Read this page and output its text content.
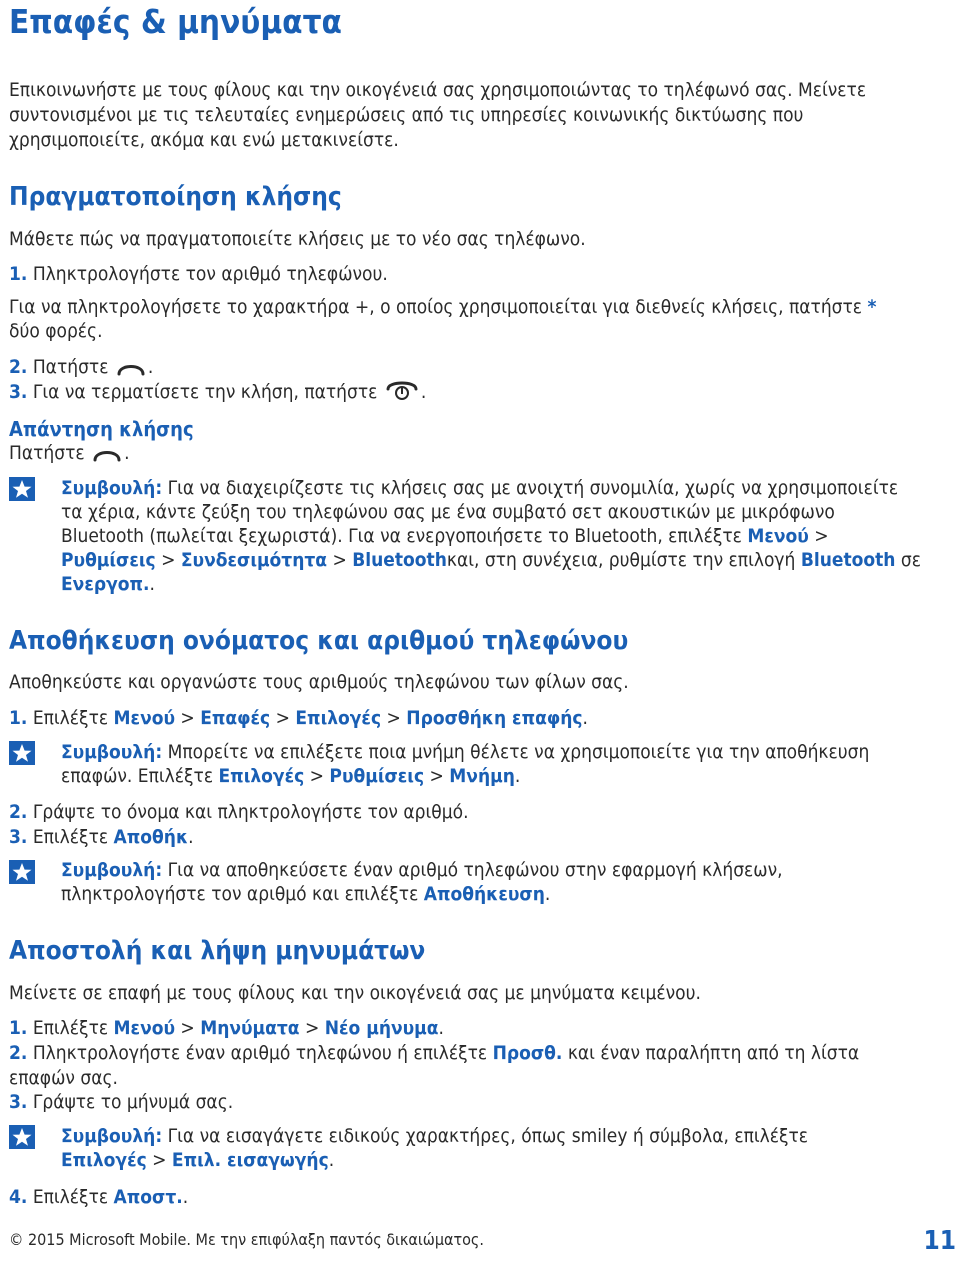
Επαφές & μηνύματα
Επικοινωνήστε με τους φίλους και την οικογένειά σας χρησιμοποιώντας το τηλέφωνό σας. Μείνετε
συντονισμένοι με τις τελευταίες ενημερώσεις από τις υπηρεσίες κοινωνικής δικτύωσης που
χρησιμοποιείτε, ακόμα και ενώ μετακινείστε.
Πραγματοποίηση κλήσης
Μάθετε πώς να πραγματοποιείτε κλήσεις με το νέο σας τηλέφωνο.
1. Πληκτρολογήστε τον αριθμό τηλεφώνου.
Για να πληκτρολογήσετε το χαρακτήρα +, ο οποίος χρησιμοποιείται για διεθνείς κλήσεις, πατήστε *
δύο φορές.
2. Πατήστε .
3. Για να τερματίσετε την κλήση, πατήστε .
Απάντηση κλήσης
Πατήστε .
Συμβουλή: Για να διαχειρίζεστε τις κλήσεις σας με ανοιχτή συνομιλία, χωρίς να χρησιμοποιείτε
τα χέρια, κάντε ζεύξη του τηλεφώνου σας με ένα συμβατό σετ ακουστικών με μικρόφωνο
Bluetooth (πωλείται ξεχωριστά). Για να ενεργοποιήσετε το Bluetooth, επιλέξτε Μενού >
Ρυθμίσεις > Συνδεσιμότητα > Bluetoothκαι, στη συνέχεια, ρυθμίστε την επιλογή Bluetooth σε
Ενεργοπ..
Αποθήκευση ονόματος και αριθμού τηλεφώνου
Αποθηκεύστε και οργανώστε τους αριθμούς τηλεφώνου των φίλων σας.
1. Επιλέξτε Μενού > Επαφές > Επιλογές > Προσθήκη επαφής.
Συμβουλή: Μπορείτε να επιλέξετε ποια μνήμη θέλετε να χρησιμοποιείτε για την αποθήκευση
επαφών. Επιλέξτε Επιλογές > Ρυθμίσεις > Μνήμη.
2. Γράψτε το όνομα και πληκτρολογήστε τον αριθμό.
3. Επιλέξτε Αποθήκ.
Συμβουλή: Για να αποθηκεύσετε έναν αριθμό τηλεφώνου στην εφαρμογή κλήσεων,
πληκτρολογήστε τον αριθμό και επιλέξτε Αποθήκευση.
Αποστολή και λήψη μηνυμάτων
Μείνετε σε επαφή με τους φίλους και την οικογένειά σας με μηνύματα κειμένου.
1. Επιλέξτε Μενού > Μηνύματα > Νέο μήνυμα.
2. Πληκτρολογήστε έναν αριθμό τηλεφώνου ή επιλέξτε Προσθ. και έναν παραλήπτη από τη λίστα
επαφών σας.
3. Γράψτε το μήνυμά σας.
Συμβουλή: Για να εισαγάγετε ειδικούς χαρακτήρες, όπως smiley ή σύμβολα, επιλέξτε
Επιλογές > Επιλ. εισαγωγής.
4. Επιλέξτε Αποστ..
© 2015 Microsoft Mobile. Με την επιφύλαξη παντός δικαιώματος.	11
